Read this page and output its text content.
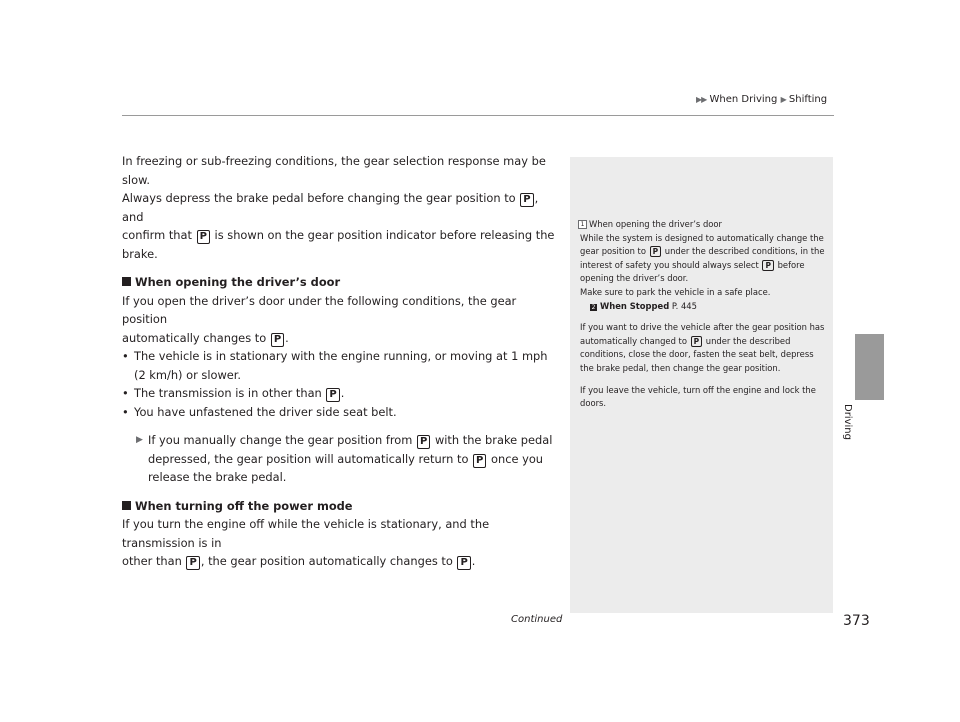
▶▶ When Driving ▶ Shifting

In freezing or sub-freezing conditions, the gear selection response may be slow.
Always depress the brake pedal before changing the gear position to P , and
confirm that P is shown on the gear position indicator before releasing the brake.

When opening the driver’s door

If you open the driver’s door under the following conditions, the gear position
automatically changes to P .

• The vehicle is in stationary with the engine running, or moving at 1 mph (2 km/h) or slower.

• The transmission is in other than P .

• You have unfastened the driver side seat belt.

▶ If you manually change the gear position from P with the brake pedal depressed, the gear position will automatically return to P once you release the brake pedal.

When turning off the power mode

If you turn the engine off while the vehicle is stationary, and the transmission is in
other than P , the gear position automatically changes to P .

1 When opening the driver’s door

While the system is designed to automatically change the gear position to P under the described conditions, in the interest of safety you should always select P before opening the driver’s door.
Make sure to park the vehicle in a safe place.

2 When Stopped P. 445

If you want to drive the vehicle after the gear position has automatically changed to P under the described conditions, close the door, fasten the seat belt, depress the brake pedal, then change the gear position.

If you leave the vehicle, turn off the engine and lock the doors.

Driving
Continued	373
